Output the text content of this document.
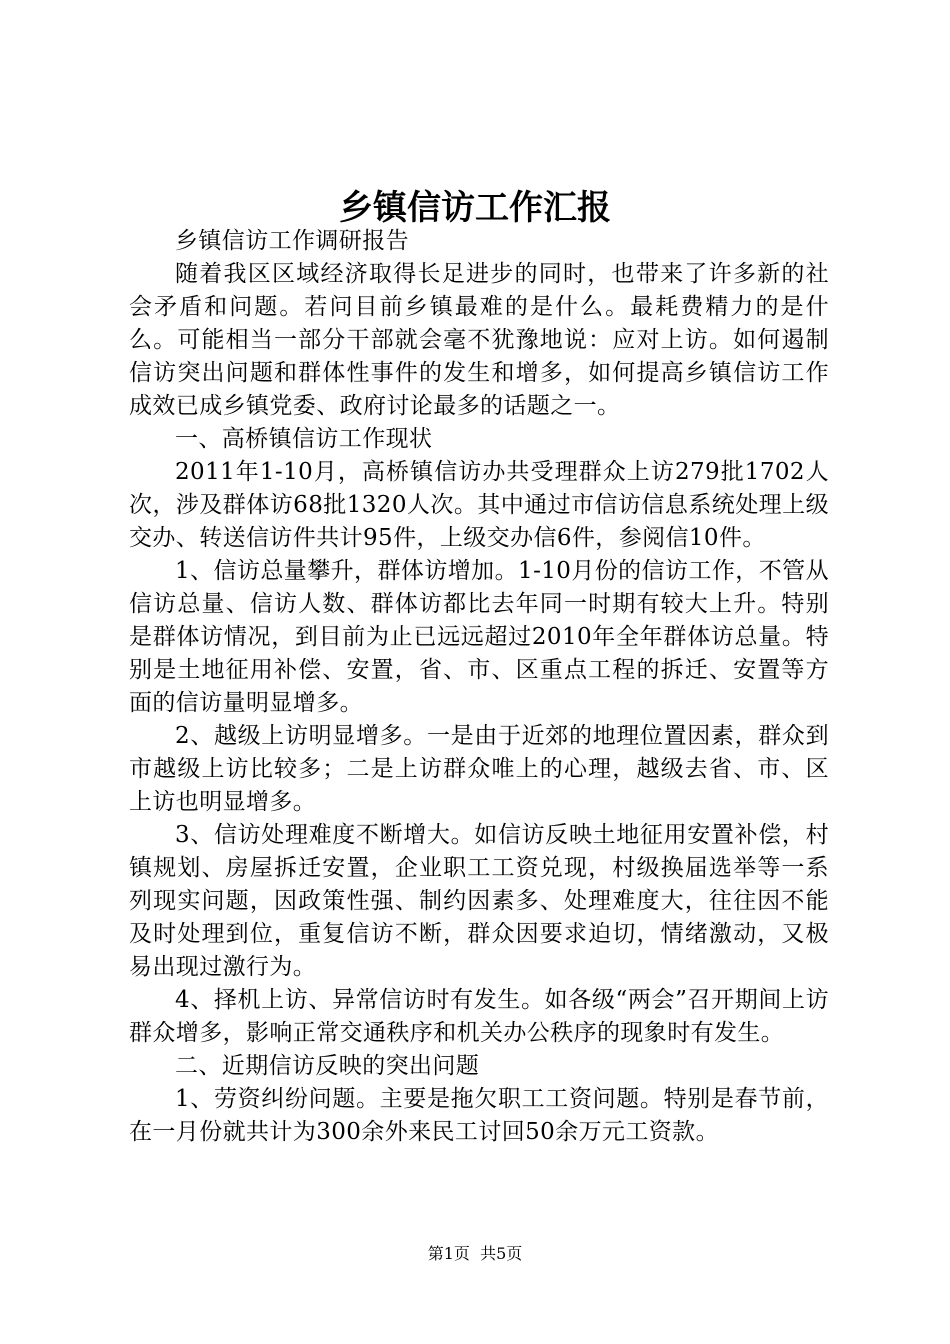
乡镇信访工作汇报

乡镇信访工作调研报告

随着我区区域经济取得长足进步的同时，也带来了许多新的社会矛盾和问题。若问目前乡镇最难的是什么。最耗费精力的是什么。可能相当一部分干部就会毫不犹豫地说：应对上访。如何遏制信访突出问题和群体性事件的发生和增多，如何提高乡镇信访工作成效已成乡镇党委、政府讨论最多的话题之一。

一、高桥镇信访工作现状

2011年1-10月，高桥镇信访办共受理群众上访279批1702人次，涉及群体访68批1320人次。其中通过市信访信息系统处理上级交办、转送信访件共计95件，上级交办信6件，参阅信10件。

1、信访总量攀升，群体访增加。1-10月份的信访工作，不管从信访总量、信访人数、群体访都比去年同一时期有较大上升。特别是群体访情况，到目前为止已远远超过2010年全年群体访总量。特别是土地征用补偿、安置，省、市、区重点工程的拆迁、安置等方面的信访量明显增多。

2、越级上访明显增多。一是由于近郊的地理位置因素，群众到市越级上访比较多；二是上访群众唯上的心理，越级去省、市、区上访也明显增多。

3、信访处理难度不断增大。如信访反映土地征用安置补偿，村镇规划、房屋拆迁安置，企业职工工资兑现，村级换届选举等一系列现实问题，因政策性强、制约因素多、处理难度大，往往因不能及时处理到位，重复信访不断，群众因要求迫切，情绪激动，又极易出现过激行为。

4、择机上访、异常信访时有发生。如各级“两会”召开期间上访群众增多，影响正常交通秩序和机关办公秩序的现象时有发生。

二、近期信访反映的突出问题

1、劳资纠纷问题。主要是拖欠职工工资问题。特别是春节前，在一月份就共计为300余外来民工讨回50余万元工资款。

第1页 共5页
